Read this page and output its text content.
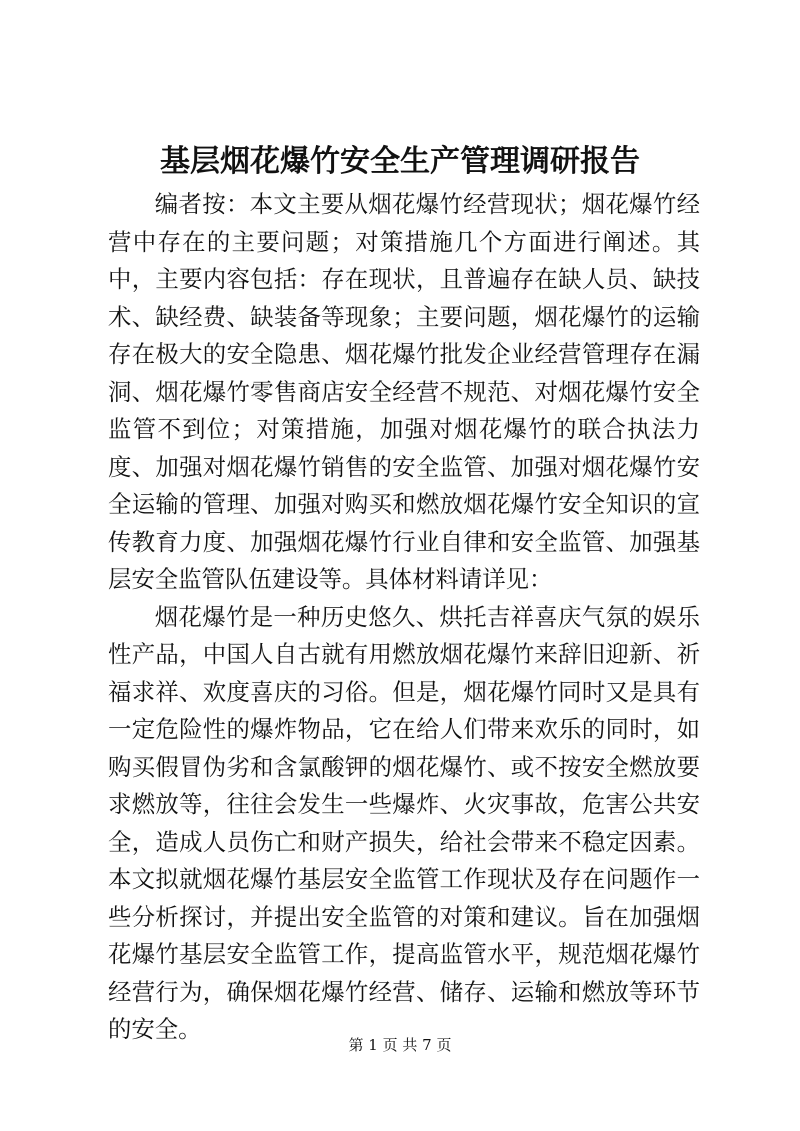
基层烟花爆竹安全生产管理调研报告

编者按：本文主要从烟花爆竹经营现状；烟花爆竹经营中存在的主要问题；对策措施几个方面进行阐述。其中，主要内容包括：存在现状，且普遍存在缺人员、缺技术、缺经费、缺装备等现象；主要问题，烟花爆竹的运输存在极大的安全隐患、烟花爆竹批发企业经营管理存在漏洞、烟花爆竹零售商店安全经营不规范、对烟花爆竹安全监管不到位；对策措施，加强对烟花爆竹的联合执法力度、加强对烟花爆竹销售的安全监管、加强对烟花爆竹安全运输的管理、加强对购买和燃放烟花爆竹安全知识的宣传教育力度、加强烟花爆竹行业自律和安全监管、加强基层安全监管队伍建设等。具体材料请详见：

烟花爆竹是一种历史悠久、烘托吉祥喜庆气氛的娱乐性产品，中国人自古就有用燃放烟花爆竹来辞旧迎新、祈福求祥、欢度喜庆的习俗。但是，烟花爆竹同时又是具有一定危险性的爆炸物品，它在给人们带来欢乐的同时，如购买假冒伪劣和含氯酸钾的烟花爆竹、或不按安全燃放要求燃放等，往往会发生一些爆炸、火灾事故，危害公共安全，造成人员伤亡和财产损失，给社会带来不稳定因素。本文拟就烟花爆竹基层安全监管工作现状及存在问题作一些分析探讨，并提出安全监管的对策和建议。旨在加强烟花爆竹基层安全监管工作，提高监管水平，规范烟花爆竹经营行为，确保烟花爆竹经营、储存、运输和燃放等环节的安全。

第 1 页 共 7 页
